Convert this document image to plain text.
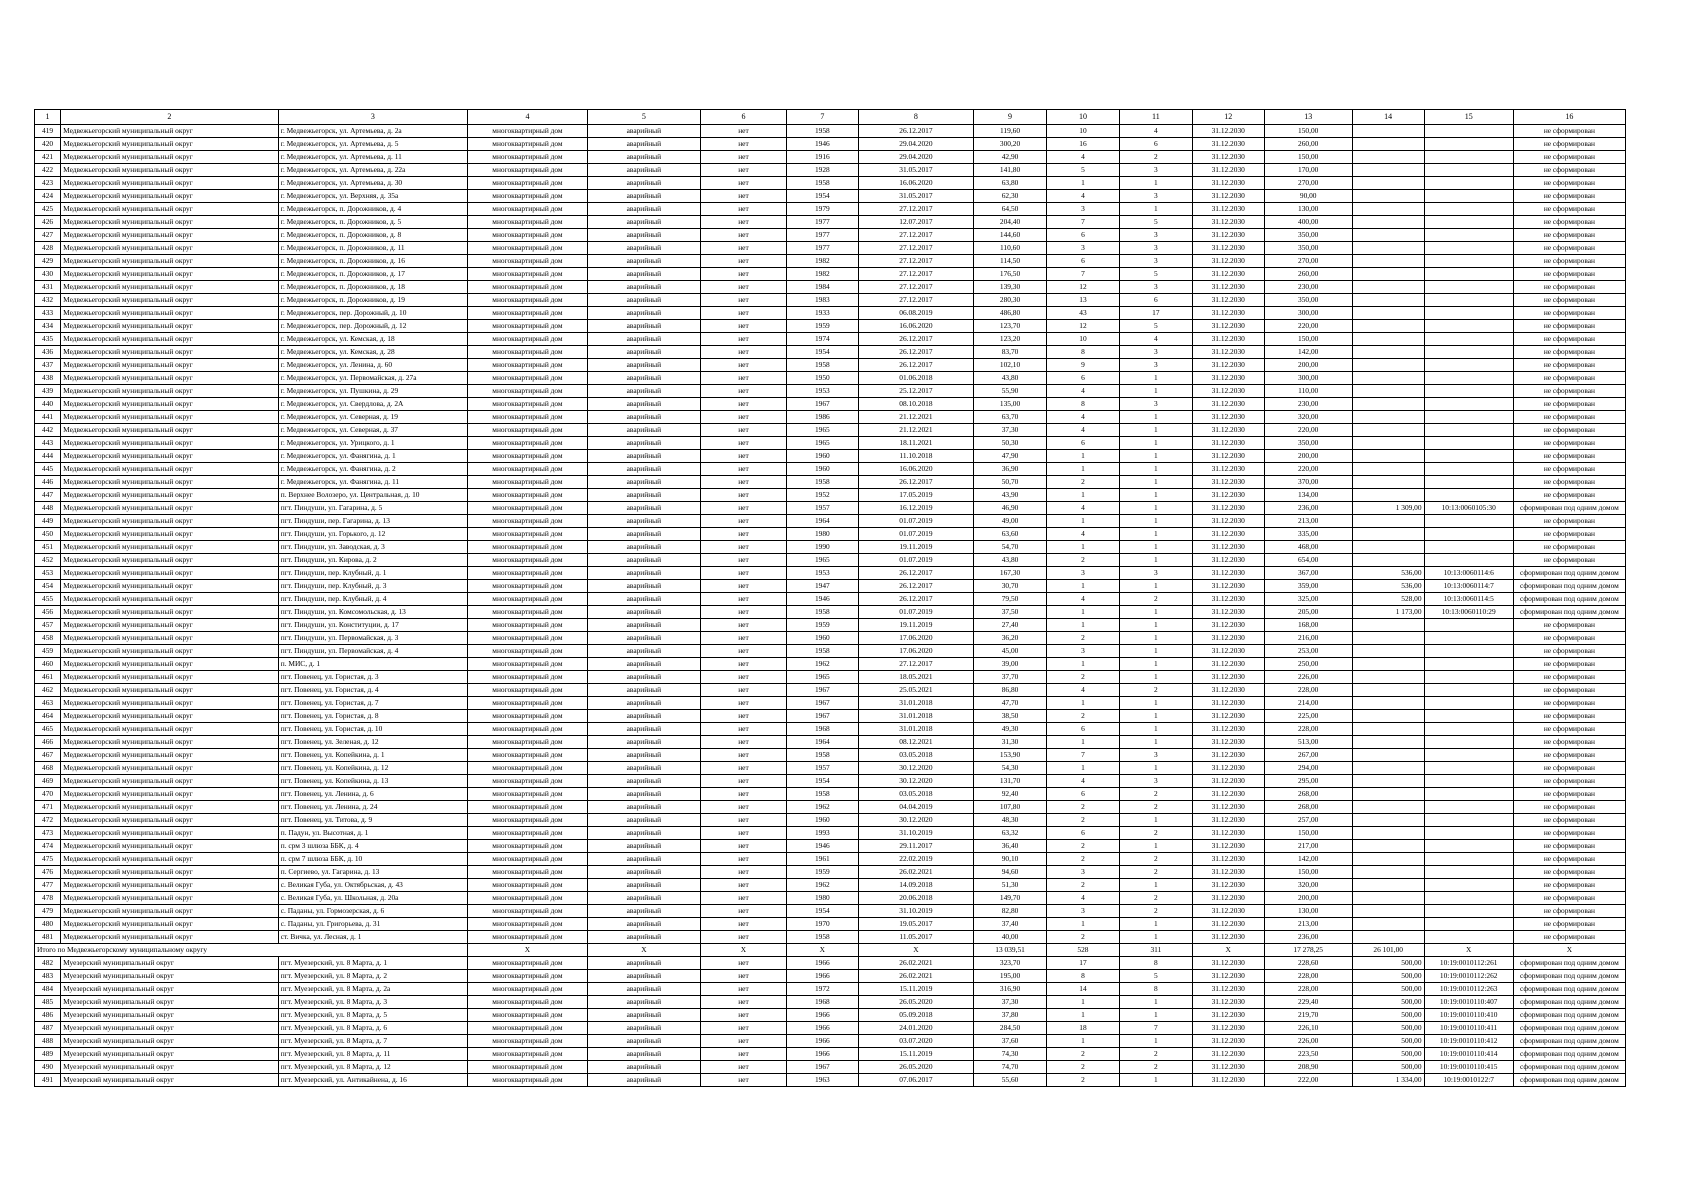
1	2	3	4	5	6	7	8	9	10	11	12	13	14	15	16
419	Медвежьегорский муниципальный округ	г. Медвежьегорск, ул. Артемьева, д. 2а	многоквартирный дом	аварийный	нет	1958	26.12.2017	119,60	10	4	31.12.2030	150,00			не сформирован
420	Медвежьегорский муниципальный округ	г. Медвежьегорск, ул. Артемьева, д. 5	многоквартирный дом	аварийный	нет	1946	29.04.2020	300,20	16	6	31.12.2030	260,00			не сформирован
421	Медвежьегорский муниципальный округ	г. Медвежьегорск, ул. Артемьева, д. 11	многоквартирный дом	аварийный	нет	1916	29.04.2020	42,90	4	2	31.12.2030	150,00			не сформирован
422	Медвежьегорский муниципальный округ	г. Медвежьегорск, ул. Артемьева, д. 22а	многоквартирный дом	аварийный	нет	1928	31.05.2017	141,80	5	3	31.12.2030	170,00			не сформирован
423	Медвежьегорский муниципальный округ	г. Медвежьегорск, ул. Артемьева, д. 30	многоквартирный дом	аварийный	нет	1958	16.06.2020	63,80	1	1	31.12.2030	270,00			не сформирован
424	Медвежьегорский муниципальный округ	г. Медвежьегорск, ул. Верхняя, д. 35а	многоквартирный дом	аварийный	нет	1954	31.05.2017	62,30	4	3	31.12.2030	90,00			не сформирован
425	Медвежьегорский муниципальный округ	г. Медвежьегорск, п. Дорожников, д. 4	многоквартирный дом	аварийный	нет	1979	27.12.2017	64,50	3	1	31.12.2030	130,00			не сформирован
426	Медвежьегорский муниципальный округ	г. Медвежьегорск, п. Дорожников, д. 5	многоквартирный дом	аварийный	нет	1977	12.07.2017	204,40	7	5	31.12.2030	400,00			не сформирован
427	Медвежьегорский муниципальный округ	г. Медвежьегорск, п. Дорожников, д. 8	многоквартирный дом	аварийный	нет	1977	27.12.2017	144,60	6	3	31.12.2030	350,00			не сформирован
428	Медвежьегорский муниципальный округ	г. Медвежьегорск, п. Дорожников, д. 11	многоквартирный дом	аварийный	нет	1977	27.12.2017	110,60	3	3	31.12.2030	350,00			не сформирован
429	Медвежьегорский муниципальный округ	г. Медвежьегорск, п. Дорожников, д. 16	многоквартирный дом	аварийный	нет	1982	27.12.2017	114,50	6	3	31.12.2030	270,00			не сформирован
430	Медвежьегорский муниципальный округ	г. Медвежьегорск, п. Дорожников, д. 17	многоквартирный дом	аварийный	нет	1982	27.12.2017	176,50	7	5	31.12.2030	260,00			не сформирован
431	Медвежьегорский муниципальный округ	г. Медвежьегорск, п. Дорожников, д. 18	многоквартирный дом	аварийный	нет	1984	27.12.2017	139,30	12	3	31.12.2030	230,00			не сформирован
432	Медвежьегорский муниципальный округ	г. Медвежьегорск, п. Дорожников, д. 19	многоквартирный дом	аварийный	нет	1983	27.12.2017	280,30	13	6	31.12.2030	350,00			не сформирован
433	Медвежьегорский муниципальный округ	г. Медвежьегорск, пер. Дорожный, д. 10	многоквартирный дом	аварийный	нет	1933	06.08.2019	486,80	43	17	31.12.2030	300,00			не сформирован
434	Медвежьегорский муниципальный округ	г. Медвежьегорск, пер. Дорожный, д. 12	многоквартирный дом	аварийный	нет	1959	16.06.2020	123,70	12	5	31.12.2030	220,00			не сформирован
435	Медвежьегорский муниципальный округ	г. Медвежьегорск, ул. Кемская, д. 18	многоквартирный дом	аварийный	нет	1974	26.12.2017	123,20	10	4	31.12.2030	150,00			не сформирован
436	Медвежьегорский муниципальный округ	г. Медвежьегорск, ул. Кемская, д. 28	многоквартирный дом	аварийный	нет	1954	26.12.2017	83,70	8	3	31.12.2030	142,00			не сформирован
437	Медвежьегорский муниципальный округ	г. Медвежьегорск, ул. Ленина, д. 60	многоквартирный дом	аварийный	нет	1958	26.12.2017	102,10	9	3	31.12.2030	200,00			не сформирован
438	Медвежьегорский муниципальный округ	г. Медвежьегорск, ул. Первомайская, д. 27а	многоквартирный дом	аварийный	нет	1950	01.06.2018	43,80	6	1	31.12.2030	300,00			не сформирован
439	Медвежьегорский муниципальный округ	г. Медвежьегорск, ул. Пушкина, д. 29	многоквартирный дом	аварийный	нет	1953	25.12.2017	55,90	4	1	31.12.2030	110,00			не сформирован
440	Медвежьегорский муниципальный округ	г. Медвежьегорск, ул. Свердлова, д. 2А	многоквартирный дом	аварийный	нет	1967	08.10.2018	135,00	8	3	31.12.2030	230,00			не сформирован
441	Медвежьегорский муниципальный округ	г. Медвежьегорск, ул. Северная, д. 19	многоквартирный дом	аварийный	нет	1986	21.12.2021	63,70	4	1	31.12.2030	320,00			не сформирован
442	Медвежьегорский муниципальный округ	г. Медвежьегорск, ул. Северная, д. 37	многоквартирный дом	аварийный	нет	1965	21.12.2021	37,30	4	1	31.12.2030	220,00			не сформирован
443	Медвежьегорский муниципальный округ	г. Медвежьегорск, ул. Урицкого, д. 1	многоквартирный дом	аварийный	нет	1965	18.11.2021	50,30	6	1	31.12.2030	350,00			не сформирован
444	Медвежьегорский муниципальный округ	г. Медвежьегорск, ул. Фанягина, д. 1	многоквартирный дом	аварийный	нет	1960	11.10.2018	47,90	1	1	31.12.2030	200,00			не сформирован
445	Медвежьегорский муниципальный округ	г. Медвежьегорск, ул. Фанягина, д. 2	многоквартирный дом	аварийный	нет	1960	16.06.2020	36,90	1	1	31.12.2030	220,00			не сформирован
446	Медвежьегорский муниципальный округ	г. Медвежьегорск, ул. Фанягина, д. 11	многоквартирный дом	аварийный	нет	1958	26.12.2017	50,70	2	1	31.12.2030	370,00			не сформирован
447	Медвежьегорский муниципальный округ	п. Верхнее Волозеро, ул. Центральная, д. 10	многоквартирный дом	аварийный	нет	1952	17.05.2019	43,90	1	1	31.12.2030	134,00			не сформирован
448	Медвежьегорский муниципальный округ	пгт. Пиндуши, ул. Гагарина, д. 5	многоквартирный дом	аварийный	нет	1957	16.12.2019	46,90	4	1	31.12.2030	236,00	1 309,00	10:13:0060105:30	сформирован под одним домом
449	Медвежьегорский муниципальный округ	пгт. Пиндуши, пер. Гагарина, д. 13	многоквартирный дом	аварийный	нет	1964	01.07.2019	49,00	1	1	31.12.2030	213,00			не сформирован
450	Медвежьегорский муниципальный округ	пгт. Пиндуши, ул. Горького, д. 12	многоквартирный дом	аварийный	нет	1980	01.07.2019	63,60	4	1	31.12.2030	335,00			не сформирован
451	Медвежьегорский муниципальный округ	пгт. Пиндуши, ул. Заводская, д. 3	многоквартирный дом	аварийный	нет	1990	19.11.2019	54,70	1	1	31.12.2030	468,00			не сформирован
452	Медвежьегорский муниципальный округ	пгт. Пиндуши, ул. Кирова, д. 2	многоквартирный дом	аварийный	нет	1965	01.07.2019	43,80	2	1	31.12.2030	654,00			не сформирован
453	Медвежьегорский муниципальный округ	пгт. Пиндуши, пер. Клубный, д. 1	многоквартирный дом	аварийный	нет	1953	26.12.2017	167,30	3	3	31.12.2030	367,00	536,00	10:13:0060114:6	сформирован под одним домом
454	Медвежьегорский муниципальный округ	пгт. Пиндуши, пер. Клубный, д. 3	многоквартирный дом	аварийный	нет	1947	26.12.2017	30,70	1	1	31.12.2030	359,00	536,00	10:13:0060114:7	сформирован под одним домом
455	Медвежьегорский муниципальный округ	пгт. Пиндуши, пер. Клубный, д. 4	многоквартирный дом	аварийный	нет	1946	26.12.2017	79,50	4	2	31.12.2030	325,00	528,00	10:13:0060114:5	сформирован под одним домом
456	Медвежьегорский муниципальный округ	пгт. Пиндуши, ул. Комсомольская, д. 13	многоквартирный дом	аварийный	нет	1958	01.07.2019	37,50	1	1	31.12.2030	205,00	1 173,00	10:13:0060110:29	сформирован под одним домом
457	Медвежьегорский муниципальный округ	пгт. Пиндуши, ул. Конституции, д. 17	многоквартирный дом	аварийный	нет	1959	19.11.2019	27,40	1	1	31.12.2030	168,00			не сформирован
458	Медвежьегорский муниципальный округ	пгт. Пиндуши, ул. Первомайская, д. 3	многоквартирный дом	аварийный	нет	1960	17.06.2020	36,20	2	1	31.12.2030	216,00			не сформирован
459	Медвежьегорский муниципальный округ	пгт. Пиндуши, ул. Первомайская, д. 4	многоквартирный дом	аварийный	нет	1958	17.06.2020	45,00	3	1	31.12.2030	253,00			не сформирован
460	Медвежьегорский муниципальный округ	п. МИС, д. 1	многоквартирный дом	аварийный	нет	1962	27.12.2017	39,00	1	1	31.12.2030	250,00			не сформирован
461	Медвежьегорский муниципальный округ	пгт. Повенец, ул. Гористая, д. 3	многоквартирный дом	аварийный	нет	1965	18.05.2021	37,70	2	1	31.12.2030	226,00			не сформирован
462	Медвежьегорский муниципальный округ	пгт. Повенец, ул. Гористая, д. 4	многоквартирный дом	аварийный	нет	1967	25.05.2021	86,80	4	2	31.12.2030	228,00			не сформирован
463	Медвежьегорский муниципальный округ	пгт. Повенец, ул. Гористая, д. 7	многоквартирный дом	аварийный	нет	1967	31.01.2018	47,70	1	1	31.12.2030	214,00			не сформирован
464	Медвежьегорский муниципальный округ	пгт. Повенец, ул. Гористая, д. 8	многоквартирный дом	аварийный	нет	1967	31.01.2018	38,50	2	1	31.12.2030	225,00			не сформирован
465	Медвежьегорский муниципальный округ	пгт. Повенец, ул. Гористая, д. 10	многоквартирный дом	аварийный	нет	1968	31.01.2018	49,30	6	1	31.12.2030	228,00			не сформирован
466	Медвежьегорский муниципальный округ	пгт. Повенец, ул. Зеленая, д. 12	многоквартирный дом	аварийный	нет	1964	08.12.2021	31,30	1	1	31.12.2030	513,00			не сформирован
467	Медвежьегорский муниципальный округ	пгт. Повенец, ул. Копейкина, д. 1	многоквартирный дом	аварийный	нет	1958	03.05.2018	153,90	7	3	31.12.2030	267,00			не сформирован
468	Медвежьегорский муниципальный округ	пгт. Повенец, ул. Копейкина, д. 12	многоквартирный дом	аварийный	нет	1957	30.12.2020	54,30	1	1	31.12.2030	294,00			не сформирован
469	Медвежьегорский муниципальный округ	пгт. Повенец, ул. Копейкина, д. 13	многоквартирный дом	аварийный	нет	1954	30.12.2020	131,70	4	3	31.12.2030	295,00			не сформирован
470	Медвежьегорский муниципальный округ	пгт. Повенец, ул. Ленина, д. 6	многоквартирный дом	аварийный	нет	1958	03.05.2018	92,40	6	2	31.12.2030	268,00			не сформирован
471	Медвежьегорский муниципальный округ	пгт. Повенец, ул. Ленина, д. 24	многоквартирный дом	аварийный	нет	1962	04.04.2019	107,80	2	2	31.12.2030	268,00			не сформирован
472	Медвежьегорский муниципальный округ	пгт. Повенец, ул. Титова, д. 9	многоквартирный дом	аварийный	нет	1960	30.12.2020	48,30	2	1	31.12.2030	257,00			не сформирован
473	Медвежьегорский муниципальный округ	п. Падун, ул. Высотная, д. 1	многоквартирный дом	аварийный	нет	1993	31.10.2019	63,32	6	2	31.12.2030	150,00			не сформирован
474	Медвежьегорский муниципальный округ	п. срм 3 шлюза ББК, д. 4	многоквартирный дом	аварийный	нет	1946	29.11.2017	36,40	2	1	31.12.2030	217,00			не сформирован
475	Медвежьегорский муниципальный округ	п. срм 7 шлюза ББК, д. 10	многоквартирный дом	аварийный	нет	1961	22.02.2019	90,10	2	2	31.12.2030	142,00			не сформирован
476	Медвежьегорский муниципальный округ	п. Сергиево, ул. Гагарина, д. 13	многоквартирный дом	аварийный	нет	1959	26.02.2021	94,60	3	2	31.12.2030	150,00			не сформирован
477	Медвежьегорский муниципальный округ	с. Великая Губа, ул. Октябрьская, д. 43	многоквартирный дом	аварийный	нет	1962	14.09.2018	51,30	2	1	31.12.2030	320,00			не сформирован
478	Медвежьегорский муниципальный округ	с. Великая Губа, ул. Школьная, д. 20а	многоквартирный дом	аварийный	нет	1980	20.06.2018	149,70	4	2	31.12.2030	200,00			не сформирован
479	Медвежьегорский муниципальный округ	с. Паданы, ул. Гормозерская, д. 6	многоквартирный дом	аварийный	нет	1954	31.10.2019	82,80	3	2	31.12.2030	130,00			не сформирован
480	Медвежьегорский муниципальный округ	с. Паданы, ул. Григорьева, д. 31	многоквартирный дом	аварийный	нет	1970	19.05.2017	37,40	1	1	31.12.2030	213,00			не сформирован
481	Медвежьегорский муниципальный округ	ст. Вичка, ул. Лесная, д. 1	многоквартирный дом	аварийный	нет	1958	11.05.2017	40,00	2	1	31.12.2030	236,00			не сформирован
Итого по Медвежьегорскому муниципальному округу			X	X	X	X	X	13 039,51	528	311	X	17 278,25	26 101,00	X	X
482	Муезерский муниципальный округ	пгт. Муезерский, ул. 8 Марта, д. 1	многоквартирный дом	аварийный	нет	1966	26.02.2021	323,70	17	8	31.12.2030	228,60	500,00	10:19:0010112:261	сформирован под одним домом
483	Муезерский муниципальный округ	пгт. Муезерский, ул. 8 Марта, д. 2	многоквартирный дом	аварийный	нет	1966	26.02.2021	195,00	8	5	31.12.2030	228,00	500,00	10:19:0010112:262	сформирован под одним домом
484	Муезерский муниципальный округ	пгт. Муезерский, ул. 8 Марта, д. 2а	многоквартирный дом	аварийный	нет	1972	15.11.2019	316,90	14	8	31.12.2030	228,00	500,00	10:19:0010112:263	сформирован под одним домом
485	Муезерский муниципальный округ	пгт. Муезерский, ул. 8 Марта, д. 3	многоквартирный дом	аварийный	нет	1968	26.05.2020	37,30	1	1	31.12.2030	229,40	500,00	10:19:0010110:407	сформирован под одним домом
486	Муезерский муниципальный округ	пгт. Муезерский, ул. 8 Марта, д. 5	многоквартирный дом	аварийный	нет	1966	05.09.2018	37,80	1	1	31.12.2030	219,70	500,00	10:19:0010110:410	сформирован под одним домом
487	Муезерский муниципальный округ	пгт. Муезерский, ул. 8 Марта, д. 6	многоквартирный дом	аварийный	нет	1966	24.01.2020	284,50	18	7	31.12.2030	226,10	500,00	10:19:0010110:411	сформирован под одним домом
488	Муезерский муниципальный округ	пгт. Муезерский, ул. 8 Марта, д. 7	многоквартирный дом	аварийный	нет	1966	03.07.2020	37,60	1	1	31.12.2030	226,00	500,00	10:19:0010110:412	сформирован под одним домом
489	Муезерский муниципальный округ	пгт. Муезерский, ул. 8 Марта, д. 11	многоквартирный дом	аварийный	нет	1966	15.11.2019	74,30	2	2	31.12.2030	223,50	500,00	10:19:0010110:414	сформирован под одним домом
490	Муезерский муниципальный округ	пгт. Муезерский, ул. 8 Марта, д. 12	многоквартирный дом	аварийный	нет	1967	26.05.2020	74,70	2	2	31.12.2030	208,90	500,00	10:19:0010110:415	сформирован под одним домом
491	Муезерский муниципальный округ	пгт. Муезерский, ул. Антикайнена, д. 16	многоквартирный дом	аварийный	нет	1963	07.06.2017	55,60	2	1	31.12.2030	222,00	1 334,00	10:19:0010122:7	сформирован под одним домом
